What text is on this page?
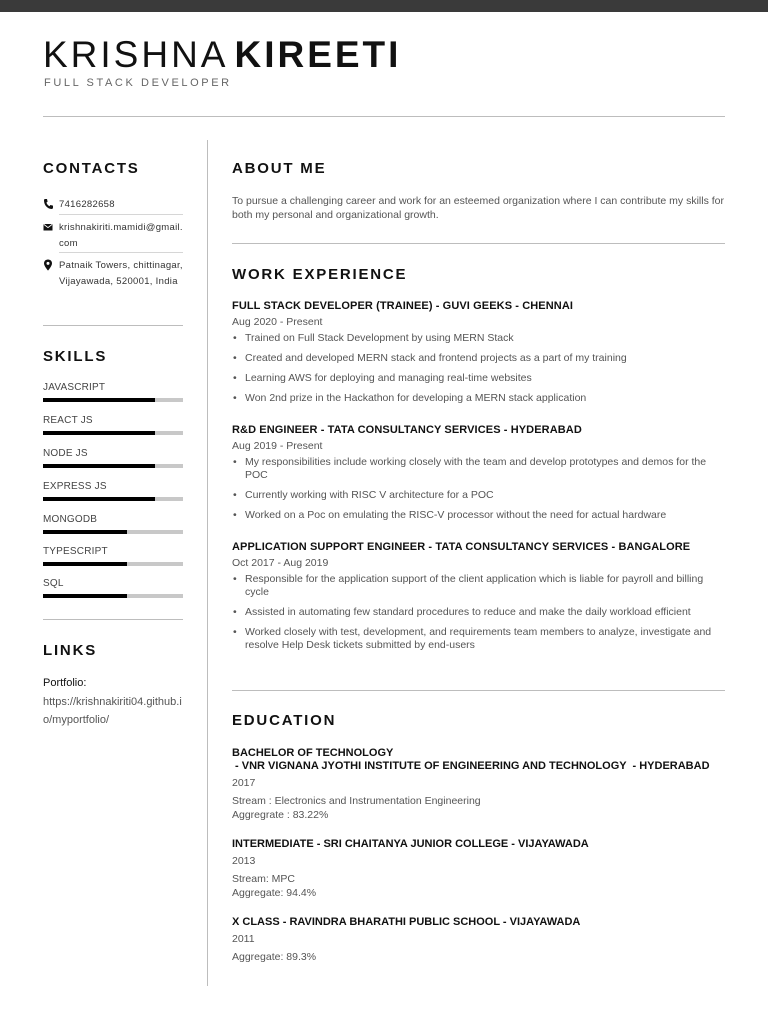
KRISHNA KIREETI
FULL STACK DEVELOPER
CONTACTS
7416282658
krishnakiriti.mamidi@gmail.com
Patnaik Towers, chittinagar, Vijayawada, 520001, India
SKILLS
JAVASCRIPT
REACT JS
NODE JS
EXPRESS JS
MONGODB
TYPESCRIPT
SQL
LINKS
Portfolio:
https://krishnakiriti04.github.io/myportfolio/
ABOUT ME
To pursue a challenging career and work for an esteemed organization where I can contribute my skills for both my personal and organizational growth.
WORK EXPERIENCE
FULL STACK DEVELOPER (TRAINEE) - GUVI GEEKS - CHENNAI
Aug 2020 - Present
• Trained on Full Stack Development by using MERN Stack
• Created and developed MERN stack and frontend projects as a part of my training
• Learning AWS for deploying and managing real-time websites
• Won 2nd prize in the Hackathon for developing a MERN stack application
R&D ENGINEER - TATA CONSULTANCY SERVICES - HYDERABAD
Aug 2019 - Present
• My responsibilities include working closely with the team and develop prototypes and demos for the POC
• Currently working with RISC V architecture for a POC
• Worked on a Poc on emulating the RISC-V processor without the need for actual hardware
APPLICATION SUPPORT ENGINEER - TATA CONSULTANCY SERVICES - BANGALORE
Oct 2017 - Aug 2019
• Responsible for the application support of the client application which is liable for payroll and billing cycle
• Assisted in automating few standard procedures to reduce and make the daily workload efficient
• Worked closely with test, development, and requirements team members to analyze, investigate and resolve Help Desk tickets submitted by end-users
EDUCATION
BACHELOR OF TECHNOLOGY
- VNR VIGNANA JYOTHI INSTITUTE OF ENGINEERING AND TECHNOLOGY  - HYDERABAD
2017
Stream : Electronics and Instrumentation Engineering
Aggregrate : 83.22%
INTERMEDIATE - SRI CHAITANYA JUNIOR COLLEGE - VIJAYAWADA
2013
Stream: MPC
Aggregate: 94.4%
X CLASS - RAVINDRA BHARATHI PUBLIC SCHOOL - VIJAYAWADA
2011
Aggregate: 89.3%
